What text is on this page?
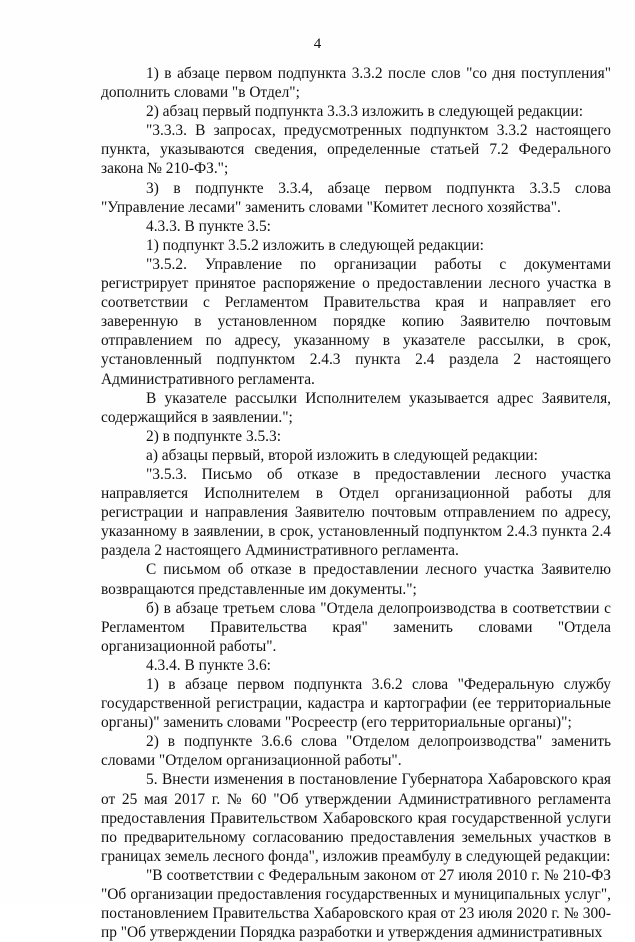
4

1) в абзаце первом подпункта 3.3.2 после слов "со дня поступления" дополнить словами "в Отдел";

2) абзац первый подпункта 3.3.3 изложить в следующей редакции:

"3.3.3. В запросах, предусмотренных подпунктом 3.3.2 настоящего пункта, указываются сведения, определенные статьей 7.2 Федерального закона № 210-ФЗ.";

3) в подпункте 3.3.4, абзаце первом подпункта 3.3.5 слова "Управление лесами" заменить словами "Комитет лесного хозяйства".

4.3.3. В пункте 3.5:

1) подпункт 3.5.2 изложить в следующей редакции:

"3.5.2. Управление по организации работы с документами регистрирует принятое распоряжение о предоставлении лесного участка в соответствии с Регламентом Правительства края и направляет его заверенную в установленном порядке копию Заявителю почтовым отправлением по адресу, указанному в указателе рассылки, в срок, установленный подпунктом 2.4.3 пункта 2.4 раздела 2 настоящего Административного регламента.

В указателе рассылки Исполнителем указывается адрес Заявителя, содержащийся в заявлении.";

2) в подпункте 3.5.3:

а) абзацы первый, второй изложить в следующей редакции:

"3.5.3. Письмо об отказе в предоставлении лесного участка направляется Исполнителем в Отдел организационной работы для регистрации и направления Заявителю почтовым отправлением по адресу, указанному в заявлении, в срок, установленный подпунктом 2.4.3 пункта 2.4 раздела 2 настоящего Административного регламента.

С письмом об отказе в предоставлении лесного участка Заявителю возвращаются представленные им документы.";

б) в абзаце третьем слова "Отдела делопроизводства в соответствии с Регламентом Правительства края" заменить словами "Отдела организационной работы".

4.3.4. В пункте 3.6:

1) в абзаце первом подпункта 3.6.2 слова "Федеральную службу государственной регистрации, кадастра и картографии (ее территориальные органы)" заменить словами "Росреестр (его территориальные органы)";

2) в подпункте 3.6.6 слова "Отделом делопроизводства" заменить словами "Отделом организационной работы".

5. Внести изменения в постановление Губернатора Хабаровского края от 25 мая 2017 г. № 60 "Об утверждении Административного регламента предоставления Правительством Хабаровского края государственной услуги по предварительному согласованию предоставления земельных участков в границах земель лесного фонда", изложив преамбулу в следующей редакции:

"В соответствии с Федеральным законом от 27 июля 2010 г. № 210-ФЗ "Об организации предоставления государственных и муниципальных услуг", постановлением Правительства Хабаровского края от 23 июля 2020 г. № 300-пр "Об утверждении Порядка разработки и утверждения административных
